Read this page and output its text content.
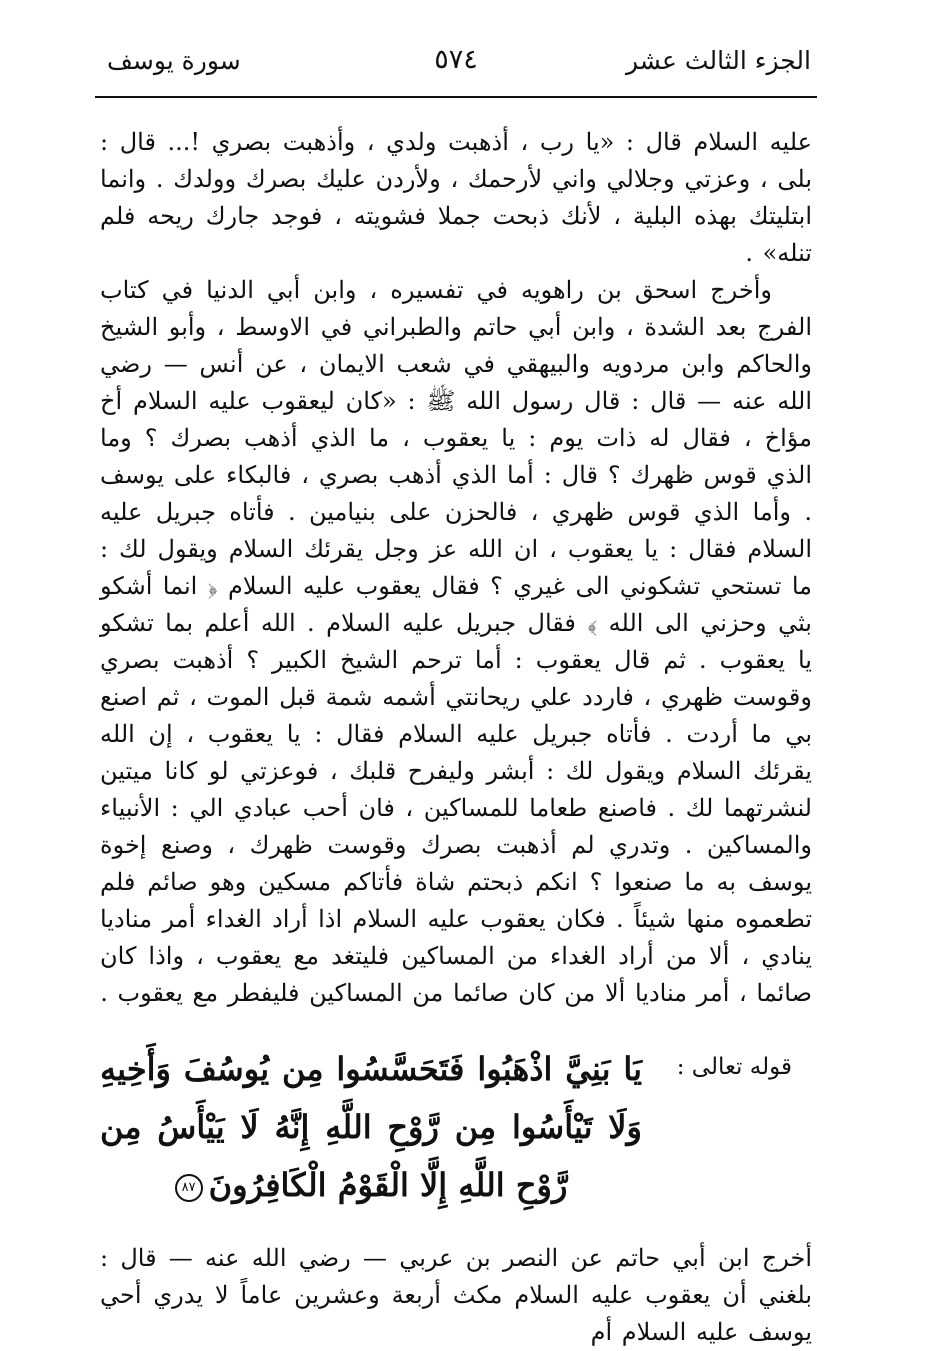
الجزء الثالث عشر
٥٧٤
سورة يوسف

عليه السلام قال : «يا رب ، أذهبت ولدي ، وأذهبت بصري !... قال : بلى ، وعزتي وجلالي واني لأرحمك ، ولأردن عليك بصرك وولدك . وانما ابتليتك بهذه البلية ، لأنك ذبحت جملا فشويته ، فوجد جارك ريحه فلم تنله» .

وأخرج اسحق بن راهويه في تفسيره ، وابن أبي الدنيا في كتاب الفرج بعد الشدة ، وابن أبي حاتم والطبراني في الاوسط ، وأبو الشيخ والحاكم وابن مردويه والبيهقي في شعب الايمان ، عن أنس — رضي الله عنه — قال : قال رسول الله ﷺ : «كان ليعقوب عليه السلام أخ مؤاخ ، فقال له ذات يوم : يا يعقوب ، ما الذي أذهب بصرك ؟ وما الذي قوس ظهرك ؟ قال : أما الذي أذهب بصري ، فالبكاء على يوسف . وأما الذي قوس ظهري ، فالحزن على بنيامين . فأتاه جبريل عليه السلام فقال : يا يعقوب ، ان الله عز وجل يقرئك السلام ويقول لك : ما تستحي تشكوني الى غيري ؟ فقال يعقوب عليه السلام ﴿ انما أشكو بثي وحزني الى الله ﴾ فقال جبريل عليه السلام . الله أعلم بما تشكو يا يعقوب . ثم قال يعقوب : أما ترحم الشيخ الكبير ؟ أذهبت بصري وقوست ظهري ، فاردد علي ريحانتي أشمه شمة قبل الموت ، ثم اصنع بي ما أردت . فأتاه جبريل عليه السلام فقال : يا يعقوب ، إن الله يقرئك السلام ويقول لك : أبشر وليفرح قلبك ، فوعزتي لو كانا ميتين لنشرتهما لك . فاصنع طعاما للمساكين ، فان أحب عبادي الي : الأنبياء والمساكين . وتدري لم أذهبت بصرك وقوست ظهرك ، وصنع إخوة يوسف به ما صنعوا ؟ انكم ذبحتم شاة فأتاكم مسكين وهو صائم فلم تطعموه منها شيئاً . فكان يعقوب عليه السلام اذا أراد الغداء أمر مناديا ينادي ، ألا من أراد الغداء من المساكين فليتغد مع يعقوب ، واذا كان صائما ، أمر مناديا ألا من كان صائما من المساكين فليفطر مع يعقوب .

قوله تعالى :

يَا بَنِيَّ اذْهَبُوا فَتَحَسَّسُوا مِن يُوسُفَ وَأَخِيهِ وَلَا تَيْأَسُوا مِن رَّوْحِ اللَّهِ إِنَّهُ لَا يَيْأَسُ مِن رَّوْحِ اللَّهِ إِلَّا الْقَوْمُ الْكَافِرُونَ٨٧

أخرج ابن أبي حاتم عن النصر بن عربي — رضي الله عنه — قال : بلغني أن يعقوب عليه السلام مكث أربعة وعشرين عاماً لا يدري أحي يوسف عليه السلام أم
